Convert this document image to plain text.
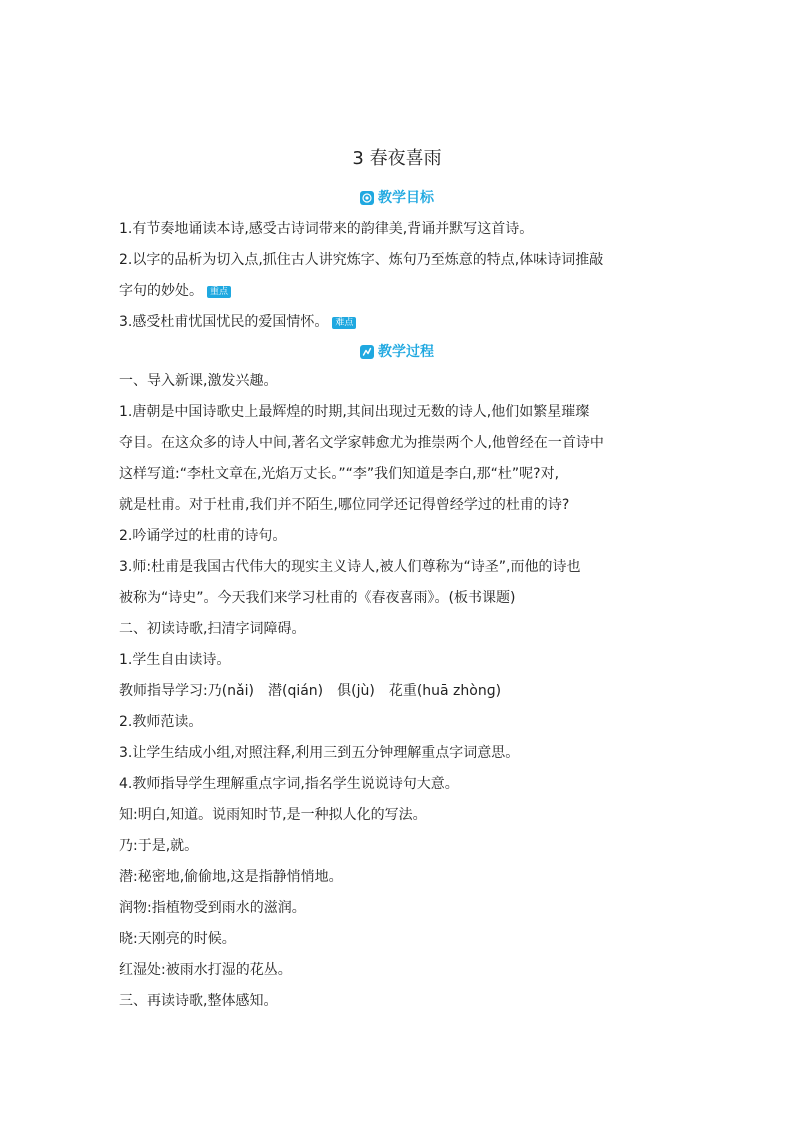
3 春夜喜雨
教学目标
1.有节奏地诵读本诗,感受古诗词带来的韵律美,背诵并默写这首诗。
2.以字的品析为切入点,抓住古人讲究炼字、炼句乃至炼意的特点,体味诗词推敲
字句的妙处。 重点
3.感受杜甫忧国忧民的爱国情怀。 难点
一、导入新课,激发兴趣。
1.唐朝是中国诗歌史上最辉煌的时期,其间出现过无数的诗人,他们如繁星璀璨
夺目。在这众多的诗人中间,著名文学家韩愈尤为推崇两个人,他曾经在一首诗中
这样写道:“李杜文章在,光焰万丈长。”“李”我们知道是李白,那“杜”呢?对,
就是杜甫。对于杜甫,我们并不陌生,哪位同学还记得曾经学过的杜甫的诗?
2.吟诵学过的杜甫的诗句。
3.师:杜甫是我国古代伟大的现实主义诗人,被人们尊称为“诗圣”,而他的诗也
被称为“诗史”。今天我们来学习杜甫的《春夜喜雨》。(板书课题)
二、初读诗歌,扫清字词障碍。
1.学生自由读诗。
教师指导学习:乃(nǎi)　潜(qián)　俱(jù)　花重(huā zhònɡ)
2.教师范读。
3.让学生结成小组,对照注释,利用三到五分钟理解重点字词意思。
4.教师指导学生理解重点字词,指名学生说说诗句大意。
知:明白,知道。说雨知时节,是一种拟人化的写法。
乃:于是,就。
潜:秘密地,偷偷地,这是指静悄悄地。
润物:指植物受到雨水的滋润。
晓:天刚亮的时候。
红湿处:被雨水打湿的花丛。
三、再读诗歌,整体感知。
教学过程
